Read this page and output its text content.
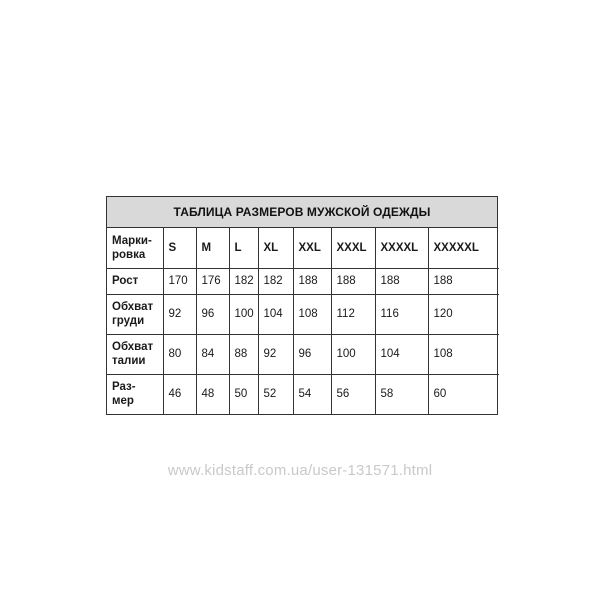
ТАБЛИЦА РАЗМЕРОВ МУЖСКОЙ ОДЕЖДЫ
Марки-
ровка	S	M	L	XL	XXL	XXXL	XXXXL	XXXXXL
Рост	170	176	182	182	188	188	188	188
Обхват
груди	92	96	100	104	108	112	116	120
Обхват
талии	80	84	88	92	96	100	104	108
Раз-
мер	46	48	50	52	54	56	58	60
www.kidstaff.com.ua/user-131571.html
